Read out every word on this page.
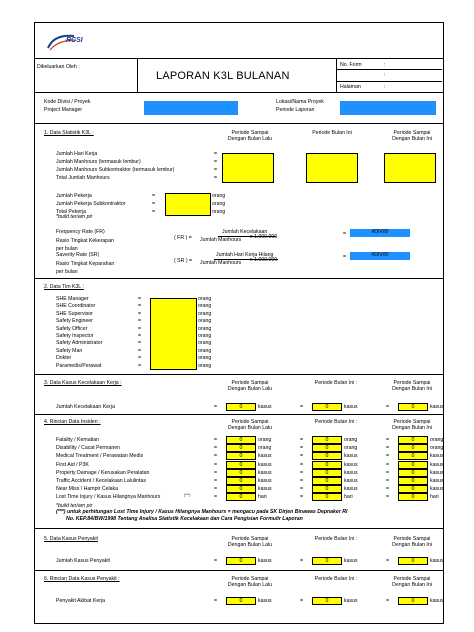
RCSI
Dikeluarkan Oleh :
LAPORAN K3L BULANAN
No. Form	:
:
Halaman	:
Kode Divisi / Proyek
Project Manager
Lokasi/Nama Proyek
Periode Laporan
1. Data Statistik K3L :	Periode Sampai
Dengan Bulan Lalu
Periode Bulan Ini	Periode Sampai
Dengan Bulan Ini
Jumlah Hari Kerja	=
Jumlah Manhours (termasuk lembur)	=
Jumlah Manhours Subkontraktor (termasuk lembur)	=
Total Jumlah Manhours	=
Jumlah Pekerja	=	orang
Jumlah Pekerja Subkontraktor	=	orang
Total Pekerja	=	orang
*build ter/am pir
Frequency Rate (FR)
Rasio Tingkat Kekerapan
per bulan
( FR ) =
Jumlah Kecelakaan
Jumlah Manhours x 1.000.000	=	#DIV/0!
Saverity Rate (SR)
Rasio Tingkat Keparahan
per bulan
( SR ) =
Jumlah Hari Kerja Hilang
Jumlah Manhours x 1.000.000	=	#DIV/0!
2. Data Tim K3L :
SHE Manager	=	orang
SHE Coordinator	=	orang
SHE Supervisor	=	orang
Safety Engineer	=	orang
Safety Officer	=	orang
Safety Inspector	=	orang
Safety Administrator	=	orang
Safety Man	=	orang
Dokter	=	orang
Paramedis/Perawat	=	orang
3. Data Kasus Kecelakaan Kerja :	Periode Sampai
Dengan Bulan Lalu
Periode Bulan Ini :	Periode Sampai
Dengan Bulan Ini
Jumlah Kecelakaan Kerja	=	0	kasus	=	0	kasus	=	0	kasus
4. Rincian Data Insiden :	Periode Sampai
Dengan Bulan Lalu
Periode Bulan Ini :	Periode Sampai
Dengan Bulan Ini
Fatality / Kematian	=	0	orang	=	0	orang	=	0	orang
Disability / Cacat Permanen	=	0	orang	=	0	orang	=	0	orang
Medical Treatment / Perawatan Medis	=	0	kasus	=	0	kasus	=	0	kasus
First Aid / P3K	=	0	kasus	=	0	kasus	=	0	kasus
Property Damage / Kerusakan Peralatan	=	0	kasus	=	0	kasus	=	0	kasus
Traffic Accident / Kecelakaan Lalulintas	=	0	kasus	=	0	kasus	=	0	kasus
Near Miss / Hampir Celaka	=	0	kasus	=	0	kasus	=	0	kasus
Lost Time Injury / Kasus Hilangnya Manhours	=	0	hari	=	0	hari	=	0	hari
(***)
*build ter/am pir
(***) untuk perhitungan Lost Time Injury / Kasus Hilangnya Manhours = mengacu pada SK Dirjen Binawas Depnaker RI
No. KEP.84/BW/1998 Tentang Analisa Statistik Kecelakaan dan Cara Pengisian Formulir Laporan
5. Data Kasus Penyakit	Periode Sampai
Dengan Bulan Lalu
Periode Bulan Ini :	Periode Sampai
Dengan Bulan Ini
Jumlah Kasus Penyakit	=	0	kasus	=	0	kasus	=	0	kasus
6. Rincian Data Kasus Penyakit :	Periode Sampai
Dengan Bulan Lalu
Periode Bulan Ini :	Periode Sampai
Dengan Bulan Ini
Penyakit Akibat Kerja	=	0	kasus	=	0	kasus	=	0	kasus
